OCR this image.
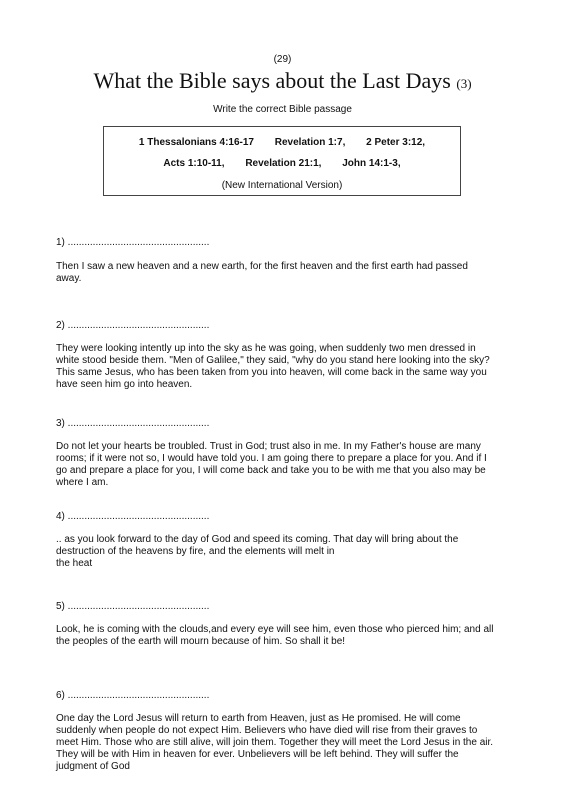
(29)
What the Bible says about the Last Days (3)
Write the correct Bible passage
1 Thessalonians 4:16-17 Revelation 1:7, 2 Peter 3:12,
Acts 1:10-11, Revelation 21:1, John 14:1-3,
(New International Version)
1) ...................................................
Then I saw a new heaven and a new earth, for the first heaven and the first earth had passed
away.
2) ...................................................
They were looking intently up into the sky as he was going, when suddenly two men dressed in
white stood beside them. "Men of Galilee," they said, "why do you stand here looking into the sky?
This same Jesus, who has been taken from you into heaven, will come back in the same way you
have seen him go into heaven.
3) ...................................................
Do not let your hearts be troubled. Trust in God; trust also in me. In my Father's house are many
rooms; if it were not so, I would have told you. I am going there to prepare a place for you. And if I
go and prepare a place for you, I will come back and take you to be with me that you also may be
where I am.
4) ...................................................
.. as you look forward to the day of God and speed its coming. That day will bring about the
destruction of the heavens by fire, and the elements will melt in
the heat
5) ...................................................
Look, he is coming with the clouds,and every eye will see him, even those who pierced him; and all
the peoples of the earth will mourn because of him. So shall it be!
6) ...................................................
One day the Lord Jesus will return to earth from Heaven, just as He promised. He will come
suddenly when people do not expect Him. Believers who have died will rise from their graves to
meet Him. Those who are still alive, will join them. Together they will meet the Lord Jesus in the air.
They will be with Him in heaven for ever. Unbelievers will be left behind. They will suffer the
judgment of God
